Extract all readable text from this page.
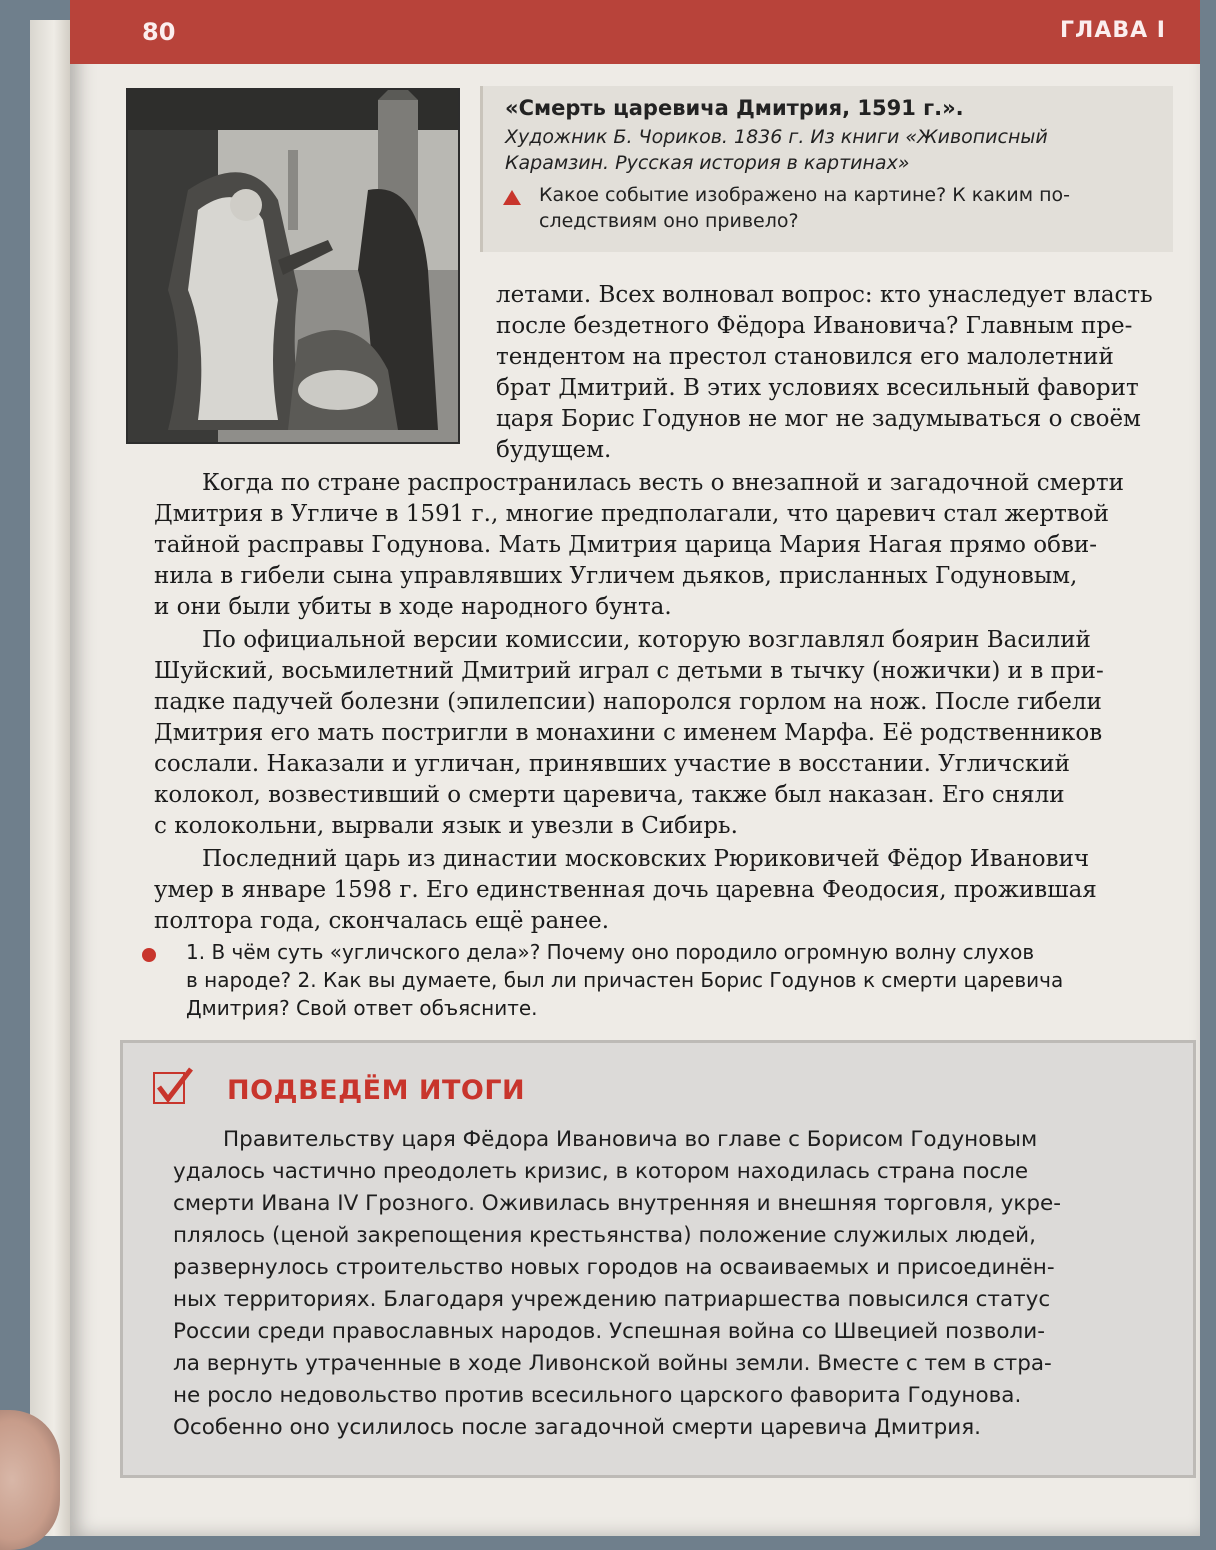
80	ГЛАВА I
«Смерть царевича Дмитрия, 1591 г.».
Художник Б. Чориков. 1836 г. Из книги «Живописный
Карамзин. Русская история в картинах»
Какое событие изображено на картине? К каким по-
следствиям оно привело?
летами. Всех волновал вопрос: кто унаследует власть
после бездетного Фёдора Ивановича? Главным пре-
тендентом на престол становился его малолетний
брат Дмитрий. В этих условиях всесильный фаворит
царя Борис Годунов не мог не задумываться о своём
будущем.
Когда по стране распространилась весть о внезапной и загадочной смерти
Дмитрия в Угличе в 1591 г., многие предполагали, что царевич стал жертвой
тайной расправы Годунова. Мать Дмитрия царица Мария Нагая прямо обви-
нила в гибели сына управлявших Угличем дьяков, присланных Годуновым,
и они были убиты в ходе народного бунта.
По официальной версии комиссии, которую возглавлял боярин Василий
Шуйский, восьмилетний Дмитрий играл с детьми в тычку (ножички) и в при-
падке падучей болезни (эпилепсии) напоролся горлом на нож. После гибели
Дмитрия его мать постригли в монахини с именем Марфа. Её родственников
сослали. Наказали и угличан, принявших участие в восстании. Угличский
колокол, возвестивший о смерти царевича, также был наказан. Его сняли
с колокольни, вырвали язык и увезли в Сибирь.
Последний царь из династии московских Рюриковичей Фёдор Иванович
умер в январе 1598 г. Его единственная дочь царевна Феодосия, прожившая
полтора года, скончалась ещё ранее.
1. В чём суть «угличского дела»? Почему оно породило огромную волну слухов
в народе? 2. Как вы думаете, был ли причастен Борис Годунов к смерти царевича
Дмитрия? Свой ответ объясните.
ПОДВЕДЁМ ИТОГИ
Правительству царя Фёдора Ивановича во главе с Борисом Годуновым
удалось частично преодолеть кризис, в котором находилась страна после
смерти Ивана IV Грозного. Оживилась внутренняя и внешняя торговля, укре-
плялось (ценой закрепощения крестьянства) положение служилых людей,
развернулось строительство новых городов на осваиваемых и присоединён-
ных территориях. Благодаря учреждению патриаршества повысился статус
России среди православных народов. Успешная война со Швецией позволи-
ла вернуть утраченные в ходе Ливонской войны земли. Вместе с тем в стра-
не росло недовольство против всесильного царского фаворита Годунова.
Особенно оно усилилось после загадочной смерти царевича Дмитрия.
